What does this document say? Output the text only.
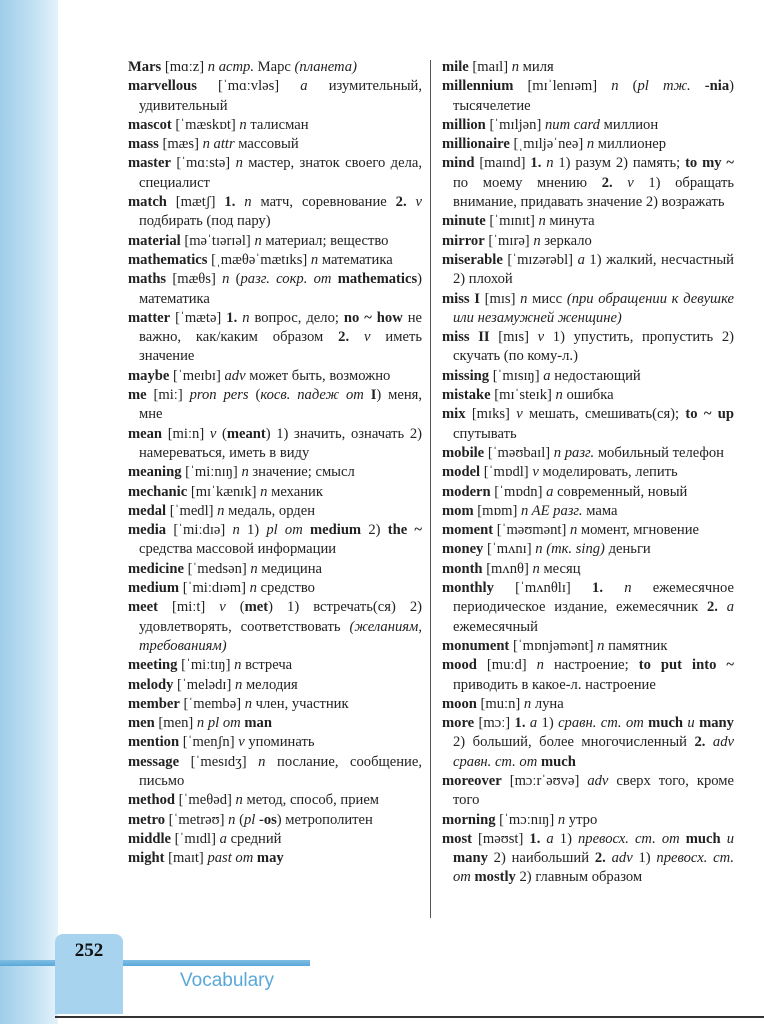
Mars [mɑːz] n астр. Марс (планета)

marvellous [ˈmɑːvləs] a изумительный, удивительный

mascot [ˈmæskɒt] n талисман

mass [mæs] n attr массовый

master [ˈmɑːstə] n мастер, знаток своего дела, специалист

match [mætʃ] 1. n матч, соревнование 2. v подбирать (под пару)

material [məˈtɪərɪəl] n материал; вещество

mathematics [ˌmæθəˈmætɪks] n математика

maths [mæθs] n (разг. сокр. от mathematics) математика

matter [ˈmætə] 1. n вопрос, дело; no ~ how не важно, как/каким образом 2. v иметь значение

maybe [ˈmeɪbɪ] adv может быть, возможно

me [miː] pron pers (косв. падеж от I) меня, мне

mean [miːn] v (meant) 1) значить, означать 2) намереваться, иметь в виду

meaning [ˈmiːnɪŋ] n значение; смысл

mechanic [mɪˈkænɪk] n механик

medal [ˈmedl] n медаль, орден

media [ˈmiːdɪə] n 1) pl от medium 2) the ~ средства массовой информации

medicine [ˈmedsən] n медицина

medium [ˈmiːdɪəm] n средство

meet [miːt] v (met) 1) встречать(ся) 2) удовлетворять, соответствовать (желаниям, требованиям)

meeting [ˈmiːtɪŋ] n встреча

melody [ˈmelədɪ] n мелодия

member [ˈmembə] n член, участник

men [men] n pl от man

mention [ˈmenʃn] v упоминать

message [ˈmesɪdʒ] n послание, сообщение, письмо

method [ˈmeθəd] n метод, способ, прием

metro [ˈmetrəʊ] n (pl -os) метрополитен

middle [ˈmɪdl] a средний

might [maɪt] past от may

mile [maɪl] n миля

millennium [mɪˈlenɪəm] n (pl тж. -nia) тысячелетие

million [ˈmɪljən] num card миллион

millionaire [ˌmɪljəˈneə] n миллионер

mind [maɪnd] 1. n 1) разум 2) память; to my ~ по моему мнению 2. v 1) обращать внимание, придавать значение 2) возражать

minute [ˈmɪnɪt] n минута

mirror [ˈmɪrə] n зеркало

miserable [ˈmɪzərəbl] a 1) жалкий, несчастный 2) плохой

miss I [mɪs] n мисс (при обращении к девушке или незамужней женщине)

miss II [mɪs] v 1) упустить, пропустить 2) скучать (по кому-л.)

missing [ˈmɪsɪŋ] a недостающий

mistake [mɪˈsteɪk] n ошибка

mix [mɪks] v мешать, смешивать(ся); to ~ up спутывать

mobile [ˈməʊbaɪl] n разг. мобильный телефон

model [ˈmɒdl] v моделировать, лепить

modern [ˈmɒdn] a современный, новый

mom [mɒm] n AE разг. мама

moment [ˈməʊmənt] n момент, мгновение

money [ˈmʌnɪ] n (тк. sing) деньги

month [mʌnθ] n месяц

monthly [ˈmʌnθlɪ] 1. n ежемесячное периодическое издание, ежемесячник 2. a ежемесячный

monument [ˈmɒnjəmənt] n памятник

mood [muːd] n настроение; to put into ~ приводить в какое-л. настроение

moon [muːn] n луна

more [mɔː] 1. a 1) сравн. ст. от much и many 2) больший, более многочисленный 2. adv сравн. ст. от much

moreover [mɔːrˈəʊvə] adv сверх того, кроме того

morning [ˈmɔːnɪŋ] n утро

most [məʊst] 1. a 1) превосх. ст. от much и many 2) наибольший 2. adv 1) превосх. ст. от mostly 2) главным образом

252
Vocabulary
